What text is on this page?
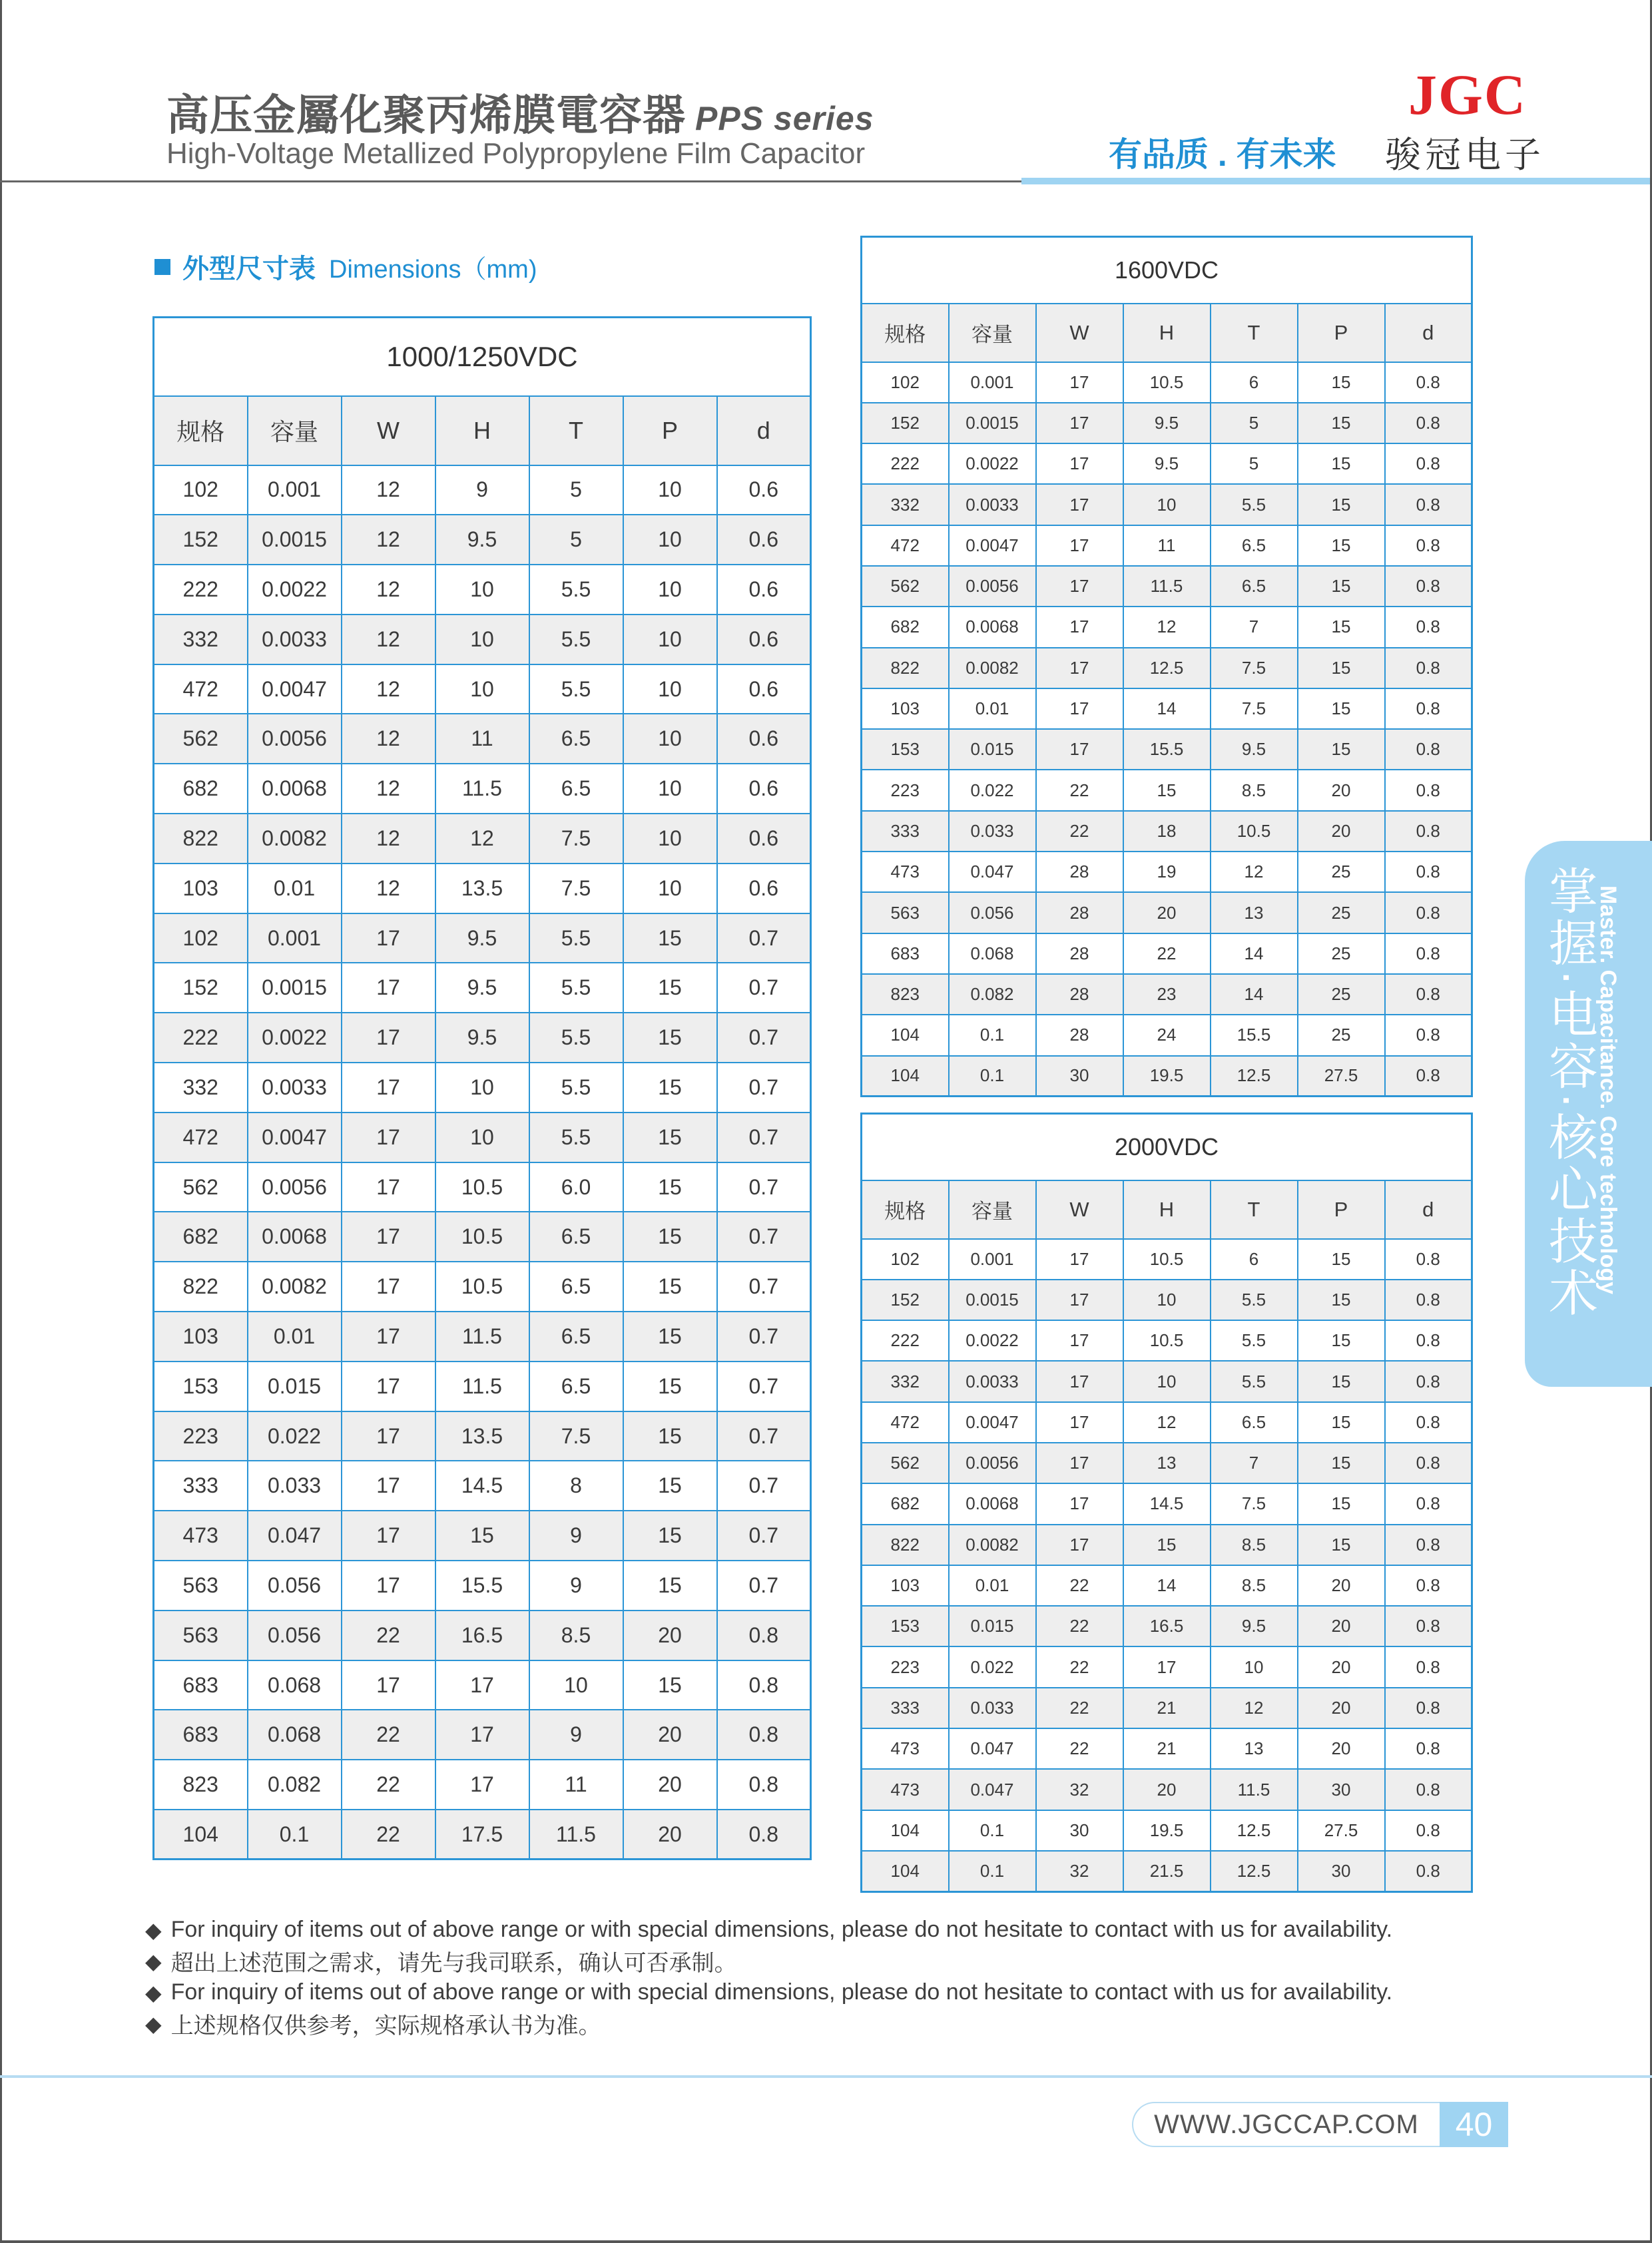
高压金屬化聚丙烯膜電容器 PPS series
High-Voltage Metallized Polypropylene Film Capacitor
JGC
有品质 . 有未来 骏冠电子
外型尺寸表 Dimensions（mm)
1000/1250VDC						
规格	容量	W	H	T	P	d
102	0.001	12	9	5	10	0.6
152	0.0015	12	9.5	5	10	0.6
222	0.0022	12	10	5.5	10	0.6
332	0.0033	12	10	5.5	10	0.6
472	0.0047	12	10	5.5	10	0.6
562	0.0056	12	11	6.5	10	0.6
682	0.0068	12	11.5	6.5	10	0.6
822	0.0082	12	12	7.5	10	0.6
103	0.01	12	13.5	7.5	10	0.6
102	0.001	17	9.5	5.5	15	0.7
152	0.0015	17	9.5	5.5	15	0.7
222	0.0022	17	9.5	5.5	15	0.7
332	0.0033	17	10	5.5	15	0.7
472	0.0047	17	10	5.5	15	0.7
562	0.0056	17	10.5	6.0	15	0.7
682	0.0068	17	10.5	6.5	15	0.7
822	0.0082	17	10.5	6.5	15	0.7
103	0.01	17	11.5	6.5	15	0.7
153	0.015	17	11.5	6.5	15	0.7
223	0.022	17	13.5	7.5	15	0.7
333	0.033	17	14.5	8	15	0.7
473	0.047	17	15	9	15	0.7
563	0.056	17	15.5	9	15	0.7
563	0.056	22	16.5	8.5	20	0.8
683	0.068	17	17	10	15	0.8
683	0.068	22	17	9	20	0.8
823	0.082	22	17	11	20	0.8
104	0.1	22	17.5	11.5	20	0.8
1600VDC						
规格	容量	W	H	T	P	d
102	0.001	17	10.5	6	15	0.8
152	0.0015	17	9.5	5	15	0.8
222	0.0022	17	9.5	5	15	0.8
332	0.0033	17	10	5.5	15	0.8
472	0.0047	17	11	6.5	15	0.8
562	0.0056	17	11.5	6.5	15	0.8
682	0.0068	17	12	7	15	0.8
822	0.0082	17	12.5	7.5	15	0.8
103	0.01	17	14	7.5	15	0.8
153	0.015	17	15.5	9.5	15	0.8
223	0.022	22	15	8.5	20	0.8
333	0.033	22	18	10.5	20	0.8
473	0.047	28	19	12	25	0.8
563	0.056	28	20	13	25	0.8
683	0.068	28	22	14	25	0.8
823	0.082	28	23	14	25	0.8
104	0.1	28	24	15.5	25	0.8
104	0.1	30	19.5	12.5	27.5	0.8
2000VDC						
规格	容量	W	H	T	P	d
102	0.001	17	10.5	6	15	0.8
152	0.0015	17	10	5.5	15	0.8
222	0.0022	17	10.5	5.5	15	0.8
332	0.0033	17	10	5.5	15	0.8
472	0.0047	17	12	6.5	15	0.8
562	0.0056	17	13	7	15	0.8
682	0.0068	17	14.5	7.5	15	0.8
822	0.0082	17	15	8.5	15	0.8
103	0.01	22	14	8.5	20	0.8
153	0.015	22	16.5	9.5	20	0.8
223	0.022	22	17	10	20	0.8
333	0.033	22	21	12	20	0.8
473	0.047	22	21	13	20	0.8
473	0.047	32	20	11.5	30	0.8
104	0.1	30	19.5	12.5	27.5	0.8
104	0.1	32	21.5	12.5	30	0.8
掌握·电容·核心技术
Master. Capacitance. Core technology
◆ For inquiry of items out of above range or with special dimensions, please do not hesitate to contact with us for availability.
◆ 超出上述范围之需求，请先与我司联系，确认可否承制。
◆ For inquiry of items out of above range or with special dimensions, please do not hesitate to contact with us for availability.
◆ 上述规格仅供参考，实际规格承认书为准。
WWW.JGCCAP.COM	40
